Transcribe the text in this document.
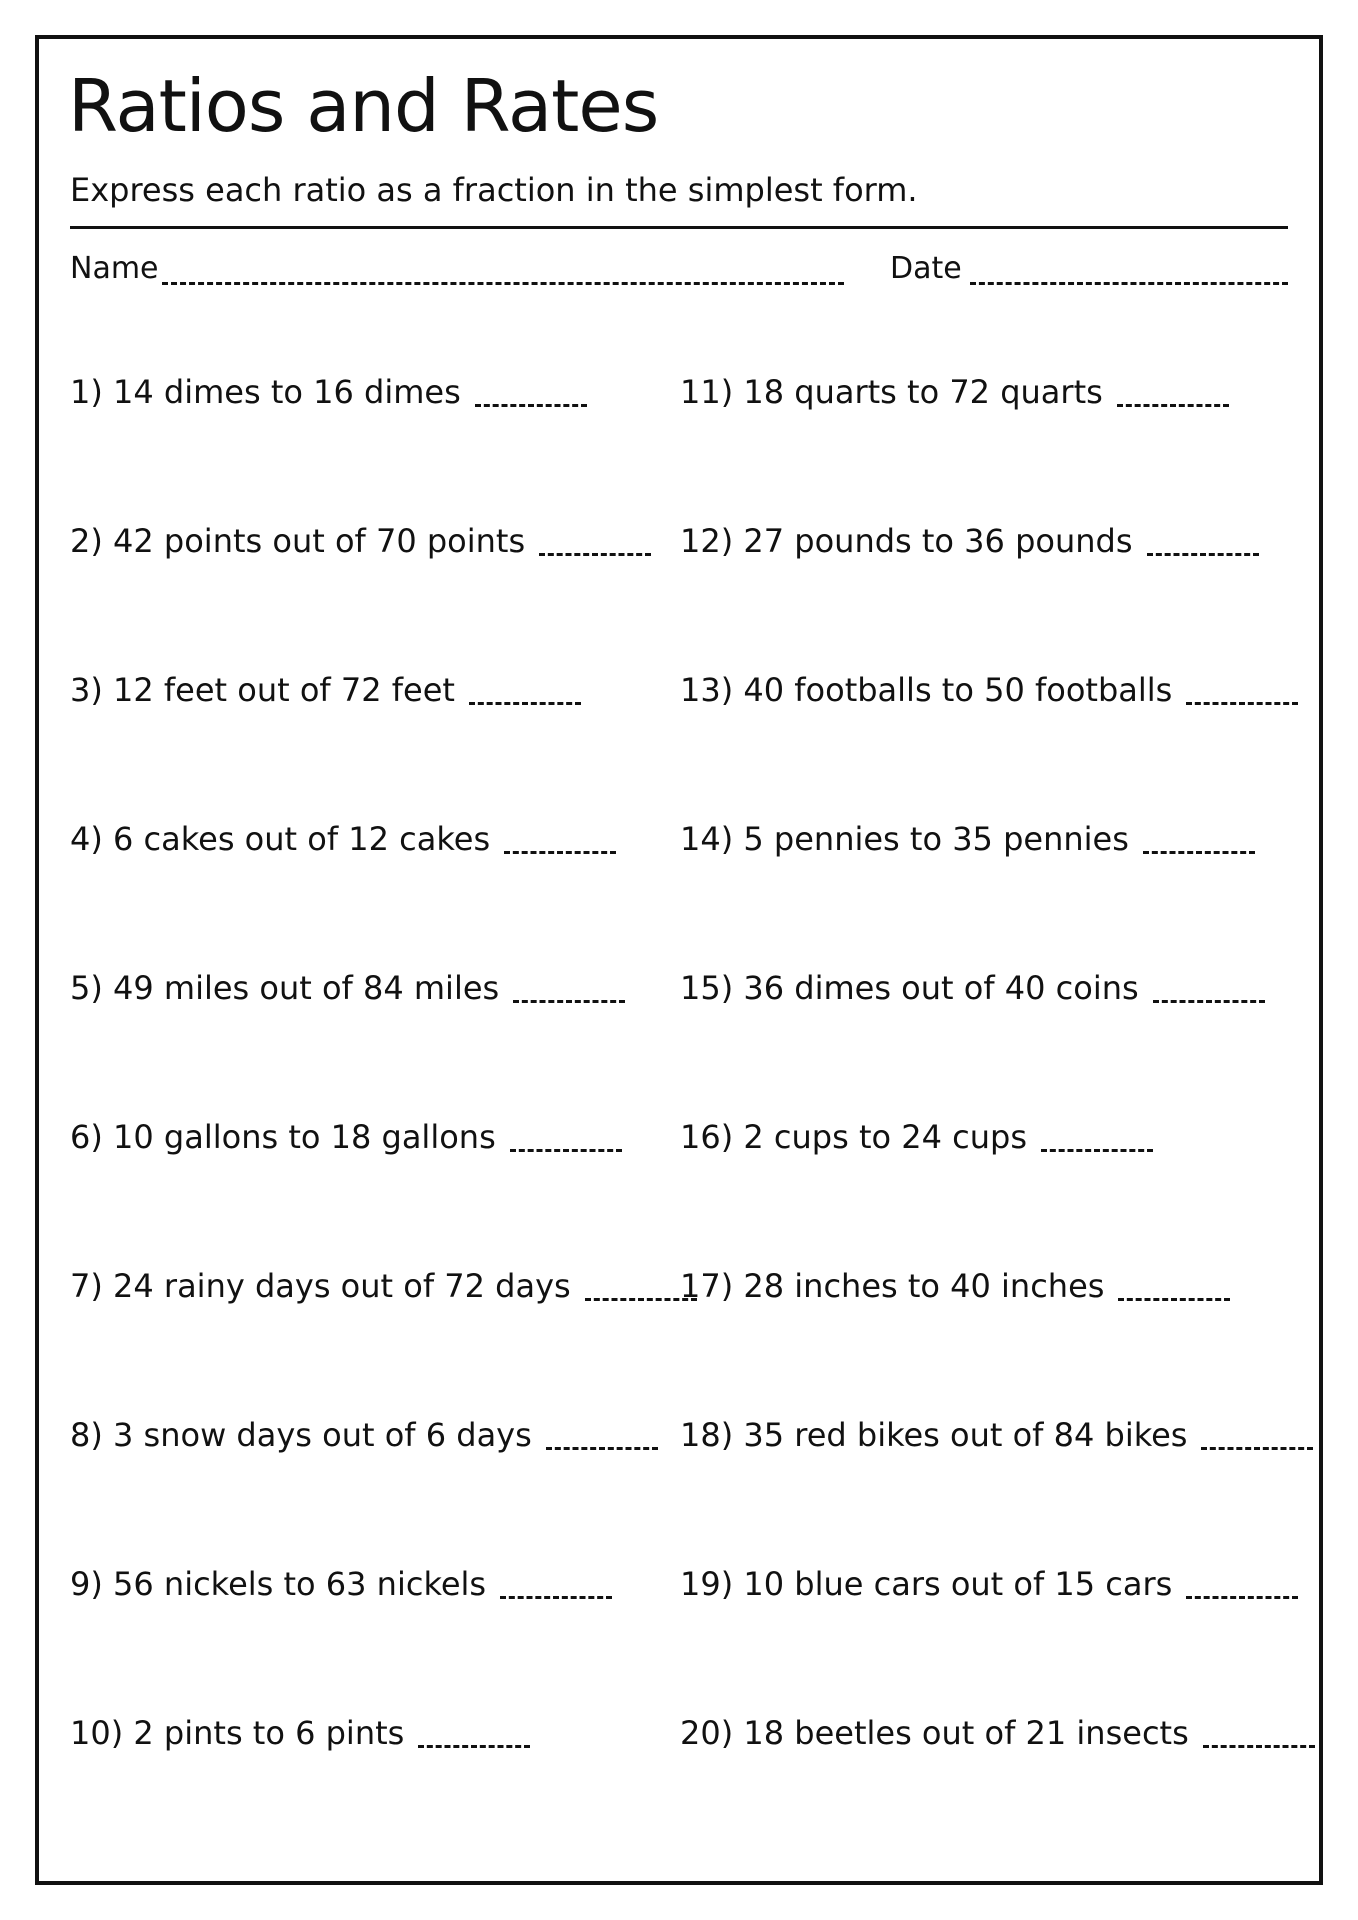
Ratios and Rates
Express each ratio as a fraction in the simplest form.
Name	Date
1) 14 dimes to 16 dimes
2) 42 points out of 70 points
3) 12 feet out of 72 feet
4) 6 cakes out of 12 cakes
5) 49 miles out of 84 miles
6) 10 gallons to 18 gallons
7) 24 rainy days out of 72 days
8) 3 snow days out of 6 days
9) 56 nickels to 63 nickels
10) 2 pints to 6 pints
11) 18 quarts to 72 quarts
12) 27 pounds to 36 pounds
13) 40 footballs to 50 footballs
14) 5 pennies to 35 pennies
15) 36 dimes out of 40 coins
16) 2 cups to 24 cups
17) 28 inches to 40 inches
18) 35 red bikes out of 84 bikes
19) 10 blue cars out of 15 cars
20) 18 beetles out of 21 insects
